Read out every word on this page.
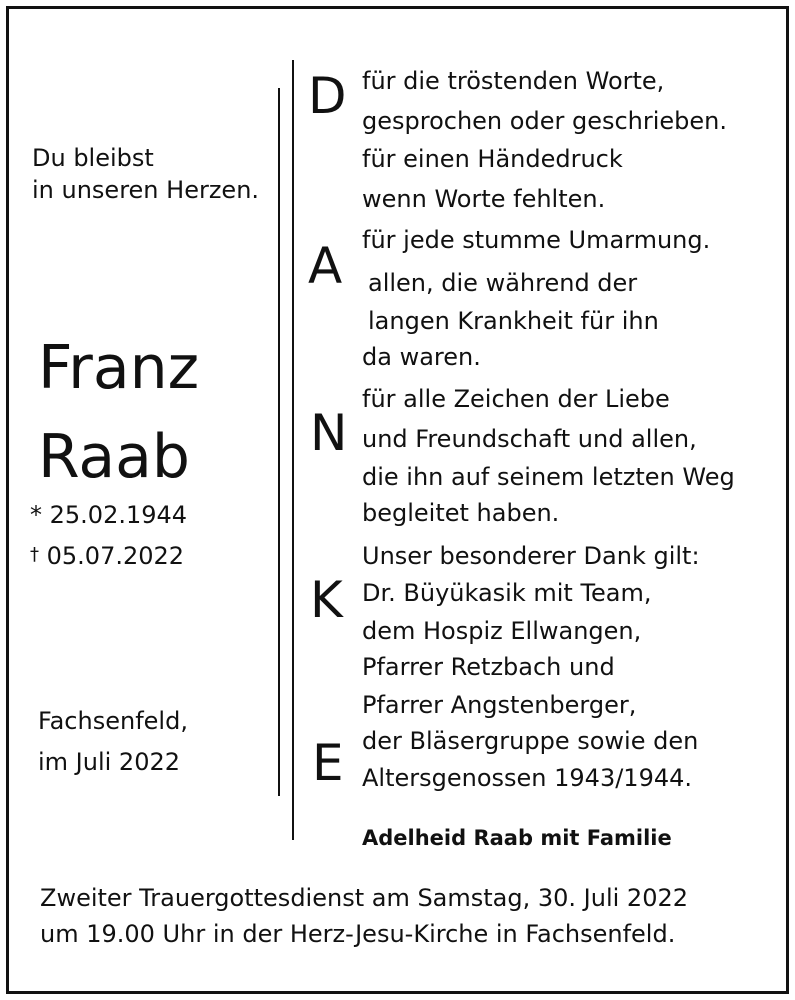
Du bleibst
in unseren Herzen.
Franz
Raab
* 25.02.1944
† 05.07.2022
Fachsenfeld,
im Juli 2022
D
A
N
K
E
für die tröstenden Worte,
gesprochen oder geschrieben.
für einen Händedruck
wenn Worte fehlten.
für jede stumme Umarmung.
allen, die während der
langen Krankheit für ihn
da waren.
für alle Zeichen der Liebe
und Freundschaft und allen,
die ihn auf seinem letzten Weg
begleitet haben.
Unser besonderer Dank gilt:
Dr. Büyükasik mit Team,
dem Hospiz Ellwangen,
Pfarrer Retzbach und
Pfarrer Angstenberger,
der Bläsergruppe sowie den
Altersgenossen 1943/1944.
Adelheid Raab mit Familie
Zweiter Trauergottesdienst am Samstag, 30. Juli 2022
um 19.00 Uhr in der Herz-Jesu-Kirche in Fachsenfeld.
